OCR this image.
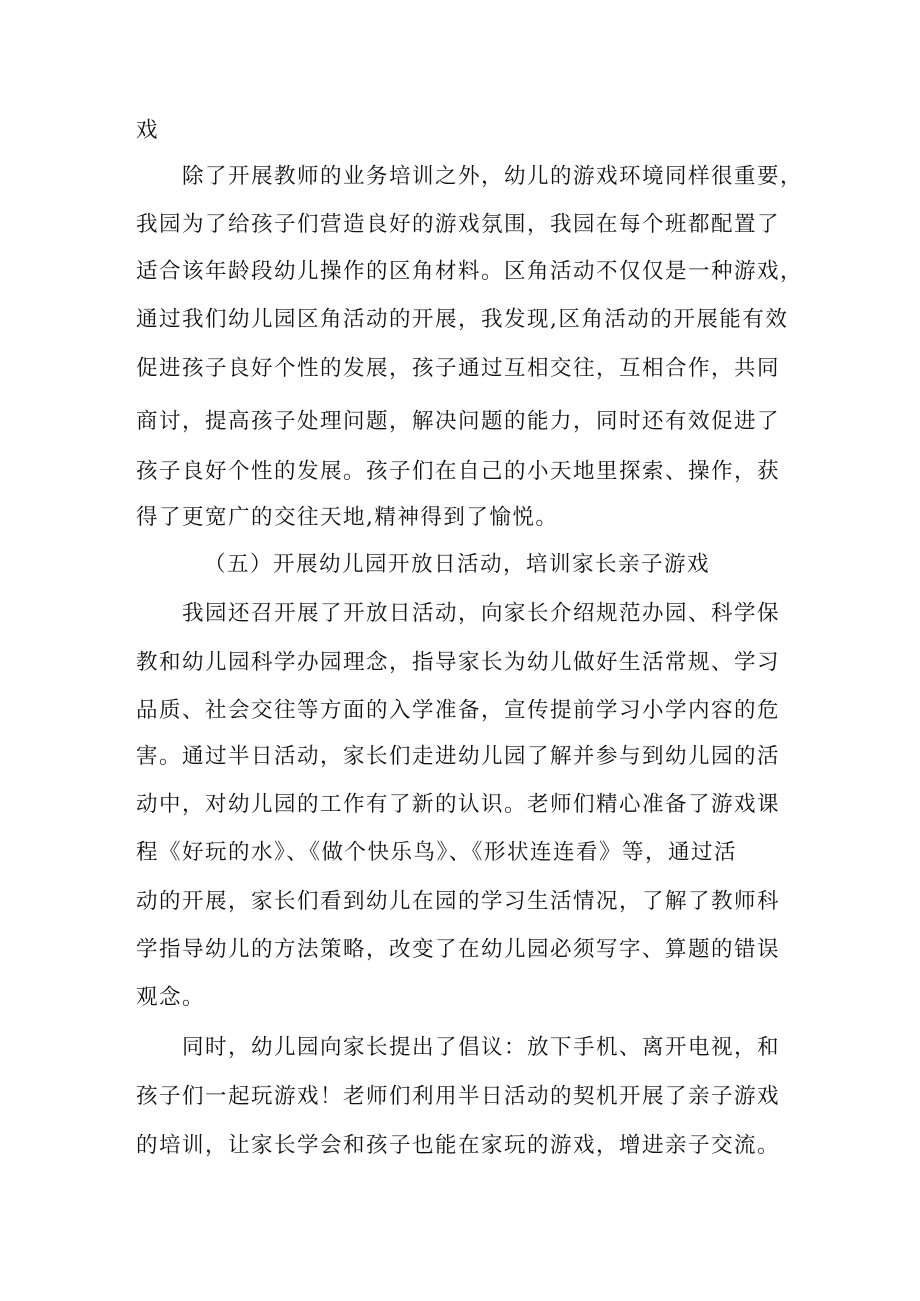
戏
除了开展教师的业务培训之外，幼儿的游戏环境同样很重要，
我园为了给孩子们营造良好的游戏氛围，我园在每个班都配置了
适合该年龄段幼儿操作的区角材料。区角活动不仅仅是一种游戏，
通过我们幼儿园区角活动的开展，我发现,区角活动的开展能有效
促进孩子良好个性的发展，孩子通过互相交往，互相合作，共同
商讨，提高孩子处理问题，解决问题的能力，同时还有效促进了
孩子良好个性的发展。孩子们在自己的小天地里探索、操作，获
得了更宽广的交往天地,精神得到了愉悦。
（五）开展幼儿园开放日活动，培训家长亲子游戏
我园还召开展了开放日活动，向家长介绍规范办园、科学保
教和幼儿园科学办园理念，指导家长为幼儿做好生活常规、学习
品质、社会交往等方面的入学准备，宣传提前学习小学内容的危
害。通过半日活动，家长们走进幼儿园了解并参与到幼儿园的活
动中，对幼儿园的工作有了新的认识。老师们精心准备了游戏课
程《好玩的水》、《做个快乐鸟》、《形状连连看》等，通过活
动的开展，家长们看到幼儿在园的学习生活情况，了解了教师科
学指导幼儿的方法策略，改变了在幼儿园必须写字、算题的错误
观念。
同时，幼儿园向家长提出了倡议：放下手机、离开电视，和
孩子们一起玩游戏！老师们利用半日活动的契机开展了亲子游戏
的培训，让家长学会和孩子也能在家玩的游戏，增进亲子交流。
